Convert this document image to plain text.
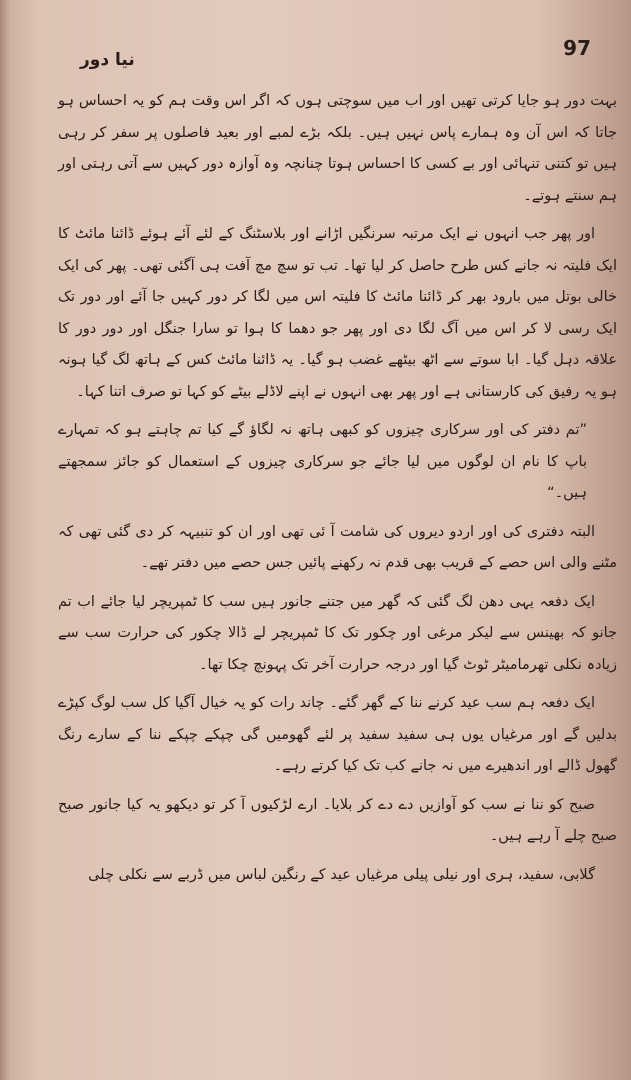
97
نیا دور

بہت دور ہو جایا کرتی تھیں اور اب میں سوچتی ہوں کہ اگر اس وقت ہم کو یہ احساس ہو جاتا کہ اس آن وہ ہمارے پاس نہیں ہیں۔ بلکہ بڑے لمبے اور بعید فاصلوں پر سفر کر رہی ہیں تو کتنی تنہائی اور بے کسی کا احساس ہوتا چنانچہ وہ آوازہ دور کہیں سے آتی رہتی اور ہم سنتے ہوتے۔

اور پھر جب انہوں نے ایک مرتبہ سرنگیں اڑانے اور بلاسٹنگ کے لئے آئے ہوئے ڈائنا مائٹ کا ایک فلیتہ نہ جانے کس طرح حاصل کر لیا تھا۔ تب تو سچ مچ آفت ہی آگئی تھی۔ پھر کی ایک خالی بوتل میں بارود بھر کر ڈائنا مائٹ کا فلیتہ اس میں لگا کر دور کہیں جا آئے اور دور تک ایک رسی لا کر اس میں آگ لگا دی اور پھر جو دھما کا ہوا تو سارا جنگل اور دور دور کا علاقہ دہل گیا۔ ابا سوتے سے اٹھ بیٹھے غضب ہو گیا۔ یہ ڈائنا مائٹ کس کے ہاتھ لگ گیا ہونہ ہو یہ رفیق کی کارستانی ہے اور پھر بھی انہوں نے اپنے لاڈلے بیٹے کو کہا تو صرف اتنا کہا۔

”تم دفتر کی اور سرکاری چیزوں کو کبھی ہاتھ نہ لگاؤ گے کیا تم چاہتے ہو کہ تمہارے باپ کا نام ان لوگوں میں لیا جائے جو سرکاری چیزوں کے استعمال کو جائز سمجھتے ہیں۔“

البتہ دفتری کی اور اردو دیروں کی شامت آ ئی تھی اور ان کو تنبیہہ کر دی گئی تھی کہ مٹنے والی اس حصے کے قریب بھی قدم نہ رکھنے پائیں جس حصے میں دفتر تھے۔

ایک دفعہ یہی دھن لگ گئی کہ گھر میں جتنے جانور ہیں سب کا ٹمپریچر لیا جائے اب تم جانو کہ بھینس سے لیکر مرغی اور چکور تک کا ٹمپریچر لے ڈالا چکور کی حرارت سب سے زیادہ نکلی تھرمامیٹر ٹوٹ گیا اور درجہ حرارت آخر تک پہونچ چکا تھا۔

ایک دفعہ ہم سب عید کرنے ننا کے گھر گئے۔ چاند رات کو یہ خیال آگیا کل سب لوگ کپڑے بدلیں گے اور مرغیاں یوں ہی سفید سفید پر لئے گھومیں گی چپکے چپکے ننا کے سارے رنگ گھول ڈالے اور اندھیرے میں نہ جانے کب تک کیا کرتے رہے۔

صبح کو ننا نے سب کو آوازیں دے دے کر بلایا۔ ارے لڑکیوں آ کر تو دیکھو یہ کیا جانور صبح صبح چلے آ رہے ہیں۔

گلابی، سفید، ہری اور نیلی پیلی مرغیاں عید کے رنگین لباس میں ڈربے سے نکلی چلی
